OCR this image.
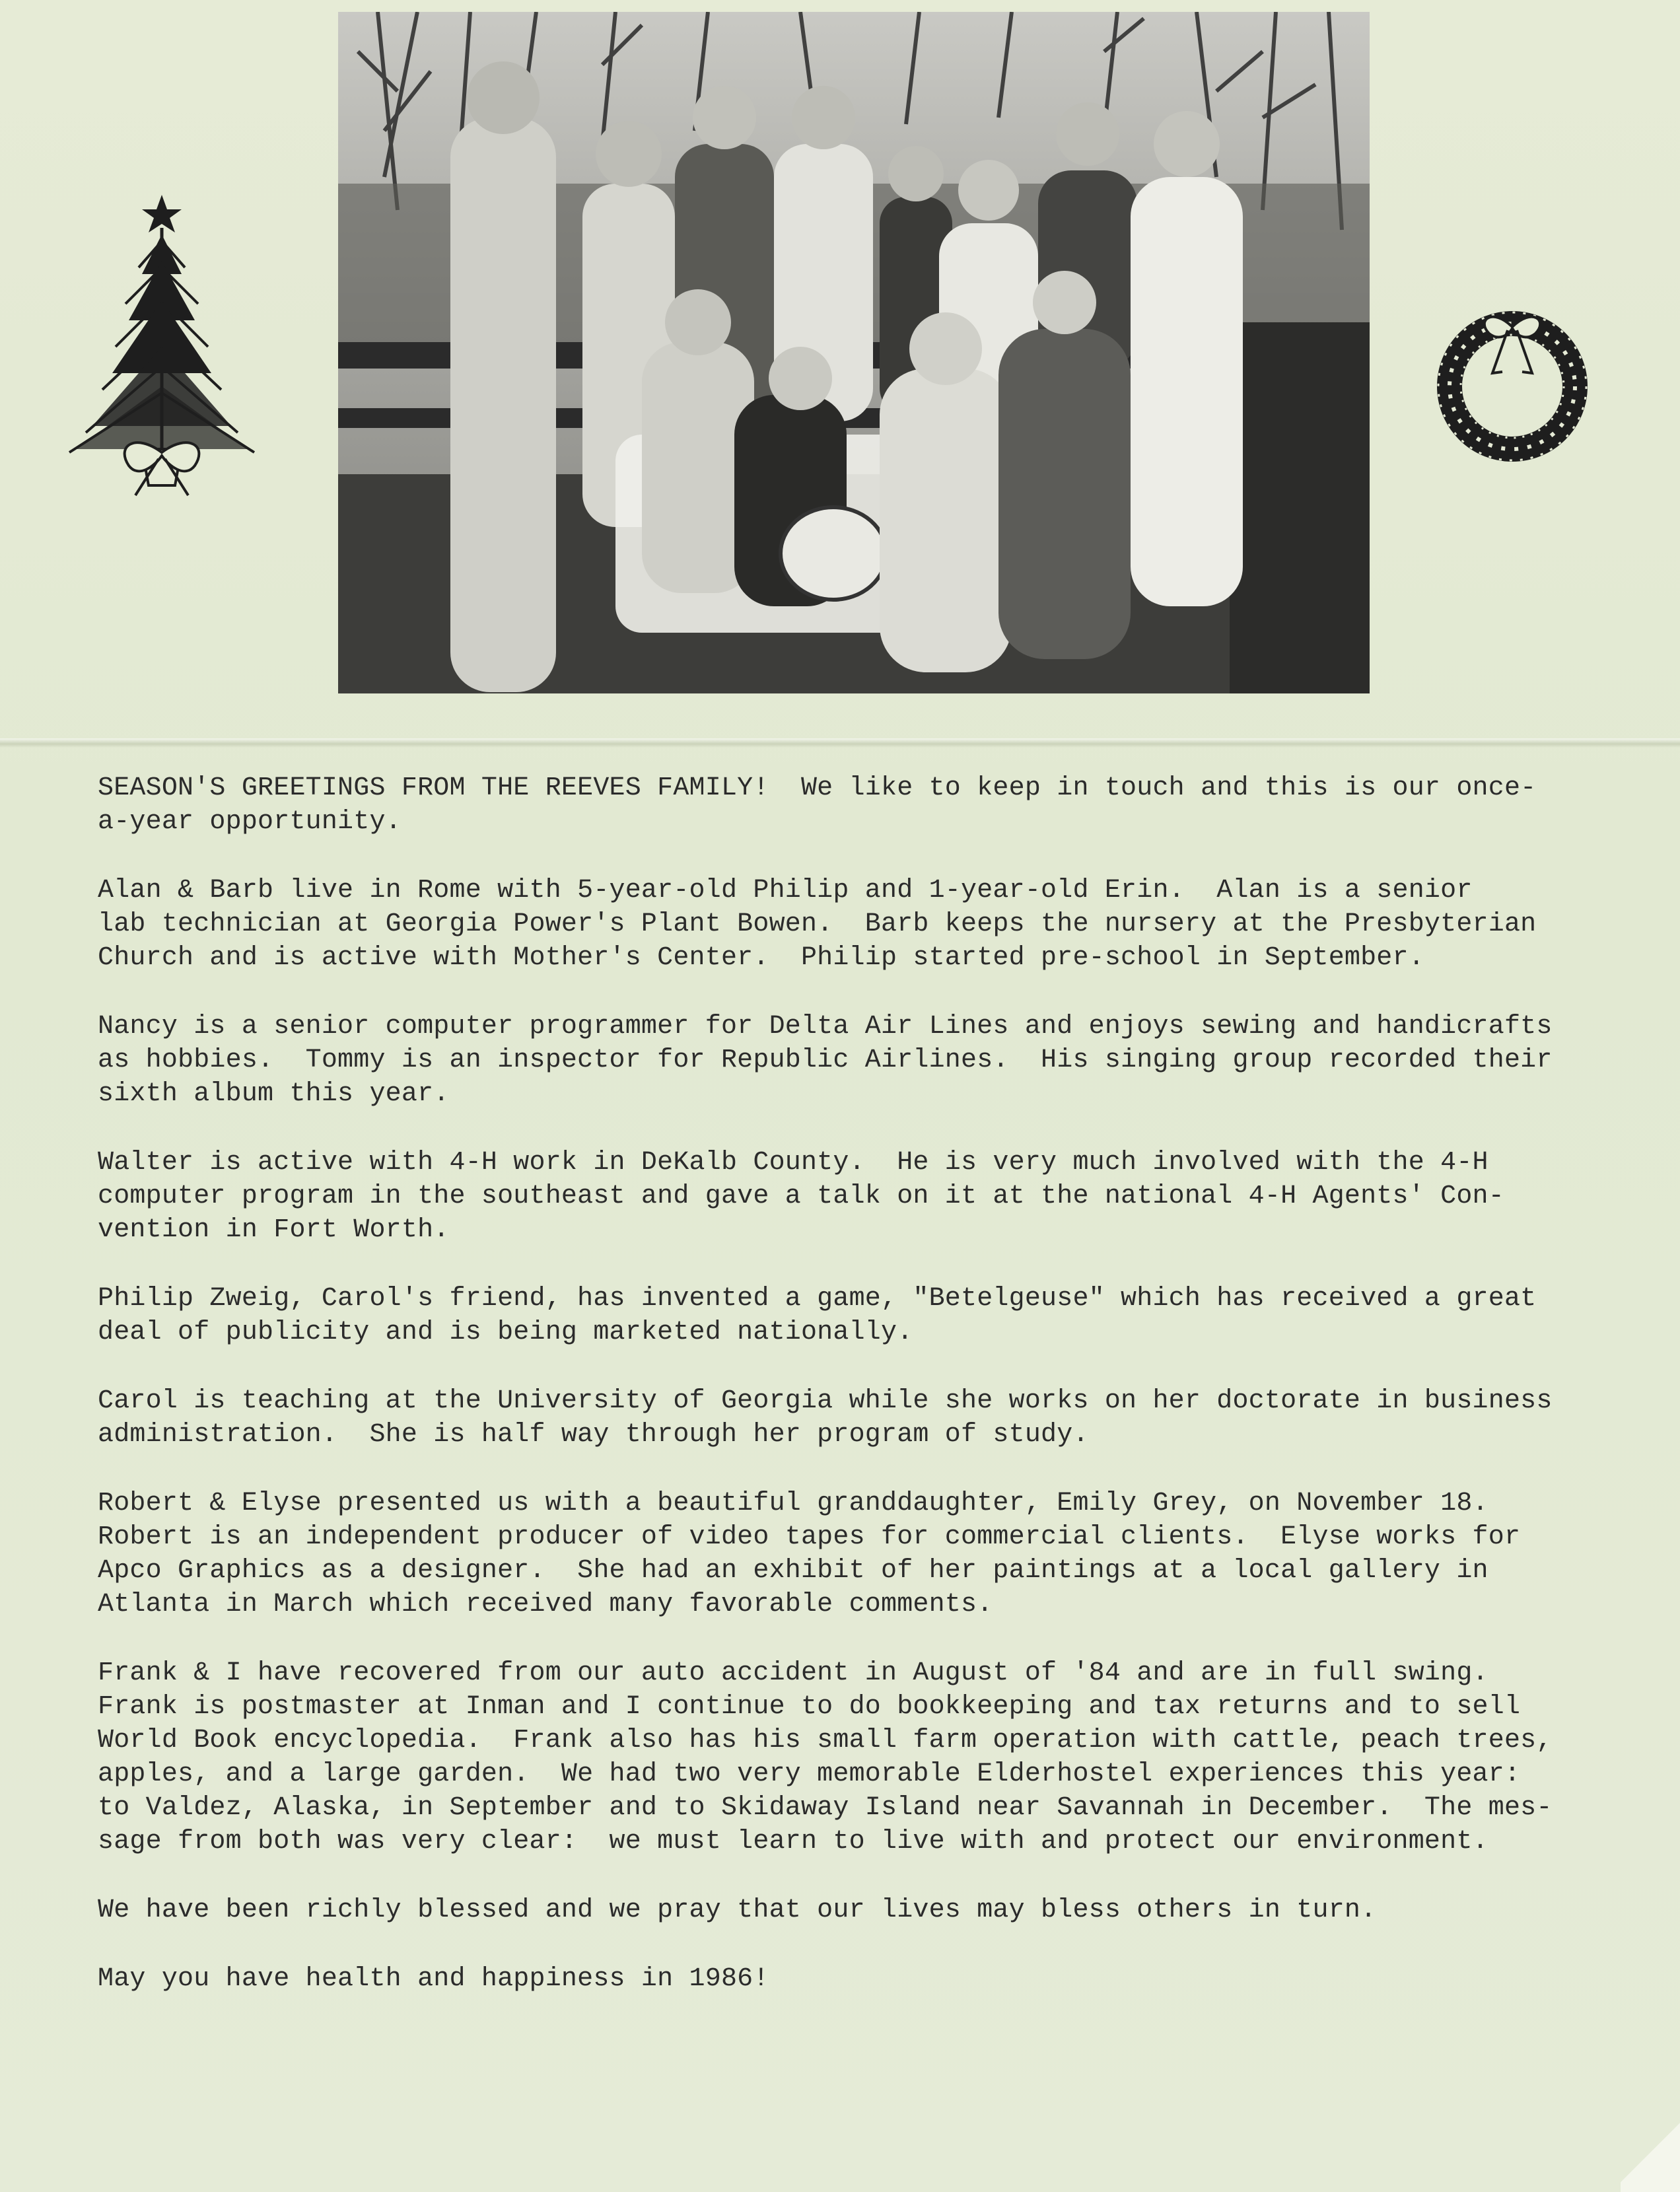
SEASON'S GREETINGS FROM THE REEVES FAMILY!  We like to keep in touch and this is our once-
a-year opportunity.
Alan & Barb live in Rome with 5-year-old Philip and 1-year-old Erin.  Alan is a senior
lab technician at Georgia Power's Plant Bowen.  Barb keeps the nursery at the Presbyterian
Church and is active with Mother's Center.  Philip started pre-school in September.
Nancy is a senior computer programmer for Delta Air Lines and enjoys sewing and handicrafts
as hobbies.  Tommy is an inspector for Republic Airlines.  His singing group recorded their
sixth album this year.
Walter is active with 4-H work in DeKalb County.  He is very much involved with the 4-H
computer program in the southeast and gave a talk on it at the national 4-H Agents' Con-
vention in Fort Worth.
Philip Zweig, Carol's friend, has invented a game, "Betelgeuse" which has received a great
deal of publicity and is being marketed nationally.
Carol is teaching at the University of Georgia while she works on her doctorate in business
administration.  She is half way through her program of study.
Robert & Elyse presented us with a beautiful granddaughter, Emily Grey, on November 18.
Robert is an independent producer of video tapes for commercial clients.  Elyse works for
Apco Graphics as a designer.  She had an exhibit of her paintings at a local gallery in
Atlanta in March which received many favorable comments.
Frank & I have recovered from our auto accident in August of '84 and are in full swing.
Frank is postmaster at Inman and I continue to do bookkeeping and tax returns and to sell
World Book encyclopedia.  Frank also has his small farm operation with cattle, peach trees,
apples, and a large garden.  We had two very memorable Elderhostel experiences this year:
to Valdez, Alaska, in September and to Skidaway Island near Savannah in December.  The mes-
sage from both was very clear:  we must learn to live with and protect our environment.
We have been richly blessed and we pray that our lives may bless others in turn.
May you have health and happiness in 1986!
